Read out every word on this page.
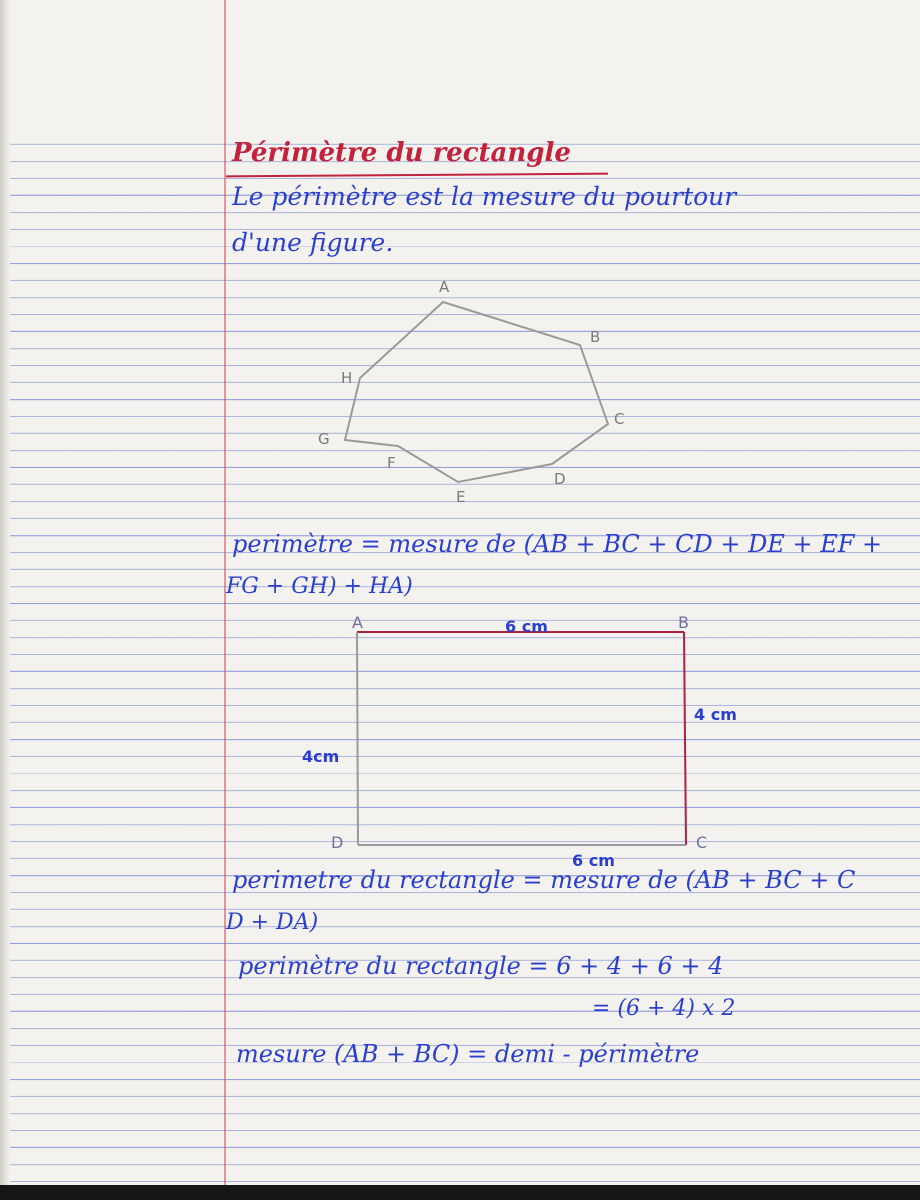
Périmètre du rectangle

Le périmètre est la mesure du pourtour

d'une figure.

A
B
C
D
E
F
G
H
A	B
C
D
6 cm
4 cm
4cm
6 cm

perimètre = mesure de (AB + BC + CD + DE + EF +

FG + GH) + HA)

perimetre du rectangle = mesure de (AB + BC + C

D + DA)

perimètre du rectangle = 6 + 4 + 6 + 4

= (6 + 4) x 2

mesure (AB + BC) = demi - périmètre
